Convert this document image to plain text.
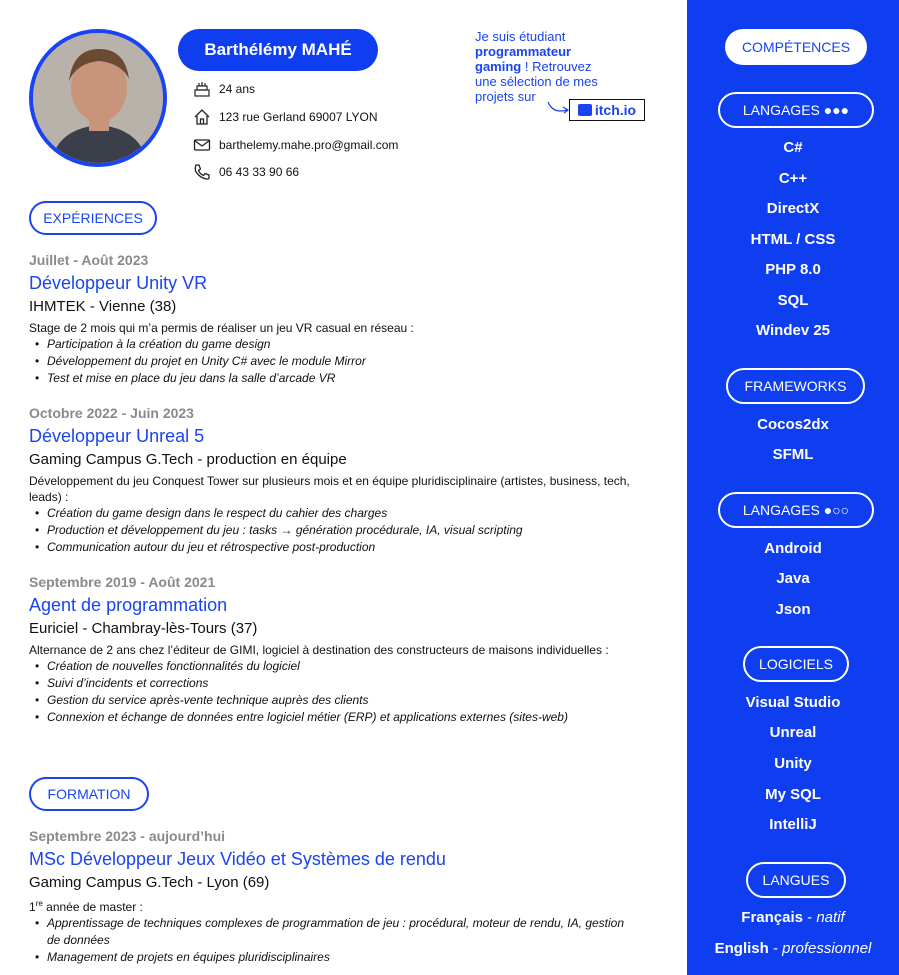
Barthélémy MAHÉ
24 ans
123 rue Gerland 69007 LYON
barthelemy.mahe.pro@gmail.com
06 43 33 90 66
Je suis étudiant
programmateur
gaming ! Retrouvez
une sélection de mes
projets sur
itch.io
EXPÉRIENCES
Juillet - Août 2023
Développeur Unity VR
IHMTEK - Vienne (38)
Stage de 2 mois qui m’a permis de réaliser un jeu VR casual en réseau :
• Participation à la création du game design
• Développement du projet en Unity C# avec le module Mirror
• Test et mise en place du jeu dans la salle d’arcade VR
Octobre 2022 - Juin 2023
Développeur Unreal 5
Gaming Campus G.Tech - production en équipe
Développement du jeu Conquest Tower sur plusieurs mois et en équipe pluridisciplinaire (artistes, business, tech, leads) :
• Création du game design dans le respect du cahier des charges
• Production et développement du jeu : tasks → génération procédurale, IA, visual scripting
• Communication autour du jeu et rétrospective post-production
Septembre 2019 - Août 2021
Agent de programmation
Euriciel - Chambray-lès-Tours (37)
Alternance de 2 ans chez l’éditeur de GIMI, logiciel à destination des constructeurs de maisons individuelles :
• Création de nouvelles fonctionnalités du logiciel
• Suivi d’incidents et corrections
• Gestion du service après-vente technique auprès des clients
• Connexion et échange de données entre logiciel métier (ERP) et applications externes (sites-web)
FORMATION
Septembre 2023 - aujourd’hui
MSc Développeur Jeux Vidéo et Systèmes de rendu
Gaming Campus G.Tech - Lyon (69)
1re année de master :
• Apprentissage de techniques complexes de programmation de jeu : procédural, moteur de rendu, IA, gestion de données
• Management de projets en équipes pluridisciplinaires
COMPÉTENCES
LANGAGES ●●●
C#
C++
DirectX
HTML / CSS
PHP 8.0
SQL
Windev 25
FRAMEWORKS
Cocos2dx
SFML
LANGAGES ●○○
Android
Java
Json
LOGICIELS
Visual Studio
Unreal
Unity
My SQL
IntelliJ
LANGUES
Français - natif
English - professionnel
